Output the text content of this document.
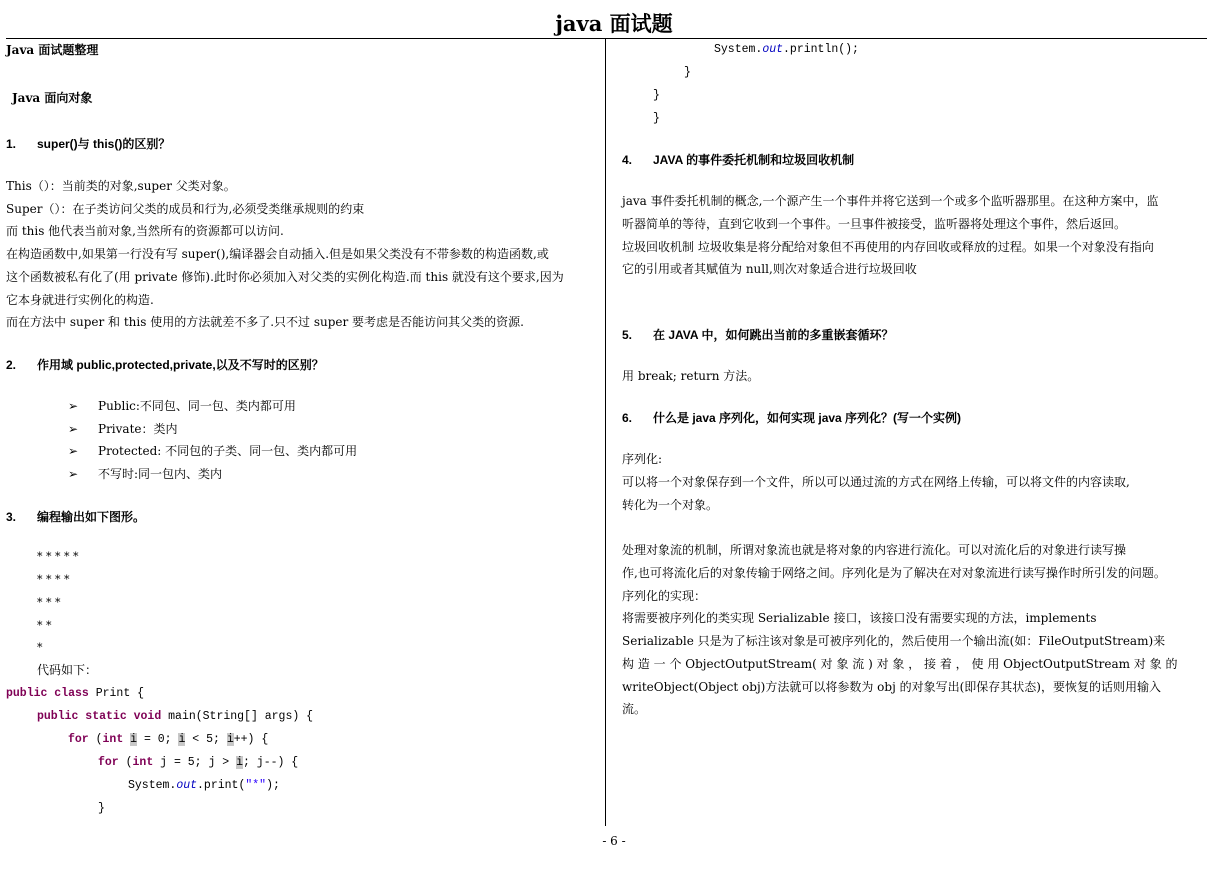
java 面试题
Java 面试题整理
Java 面向对象
1. super()与 this()的区别？
This（）：当前类的对象,super 父类对象。
Super（）：在子类访问父类的成员和行为,必须受类继承规则的约束
而 this 他代表当前对象,当然所有的资源都可以访问.
在构造函数中,如果第一行没有写 super(),编译器会自动插入.但是如果父类没有不带参数的构造函数,或
这个函数被私有化了(用 private 修饰).此时你必须加入对父类的实例化构造.而 this 就没有这个要求,因为
它本身就进行实例化的构造.
而在方法中 super 和 this 使用的方法就差不多了.只不过 super 要考虑是否能访问其父类的资源.
2. 作用域 public,protected,private,以及不写时的区别？
➢ Public:不同包、同一包、类内都可用
➢ Private：类内
➢ Protected: 不同包的子类、同一包、类内都可用
➢ 不写时:同一包内、类内
3. 编程输出如下图形。
* * * * *
* * * *
* * *
* *
*
代码如下：
public class Print {
public static void main(String[] args) {
for (int i = 0; i < 5; i++) {
for (int j = 5; j > i; j--) {
System.out.print("*");
}
System.out.println();
}
}
}
4. JAVA 的事件委托机制和垃圾回收机制
java 事件委托机制的概念,一个源产生一个事件并将它送到一个或多个监听器那里。在这种方案中，监
听器简单的等待，直到它收到一个事件。一旦事件被接受，监听器将处理这个事件，然后返回。
垃圾回收机制 垃圾收集是将分配给对象但不再使用的内存回收或释放的过程。如果一个对象没有指向
它的引用或者其赋值为 null,则次对象适合进行垃圾回收
5. 在 JAVA 中，如何跳出当前的多重嵌套循环？
用 break; return 方法。
6. 什么是 java 序列化，如何实现 java 序列化？(写一个实例)
序列化:
可以将一个对象保存到一个文件，所以可以通过流的方式在网络上传输，可以将文件的内容读取,
转化为一个对象。
处理对象流的机制，所谓对象流也就是将对象的内容进行流化。可以对流化后的对象进行读写操
作,也可将流化后的对象传输于网络之间。序列化是为了解决在对对象流进行读写操作时所引发的问题。
序列化的实现：
将需要被序列化的类实现 Serializable 接口，该接口没有需要实现的方法，implements
Serializable 只是为了标注该对象是可被序列化的，然后使用一个输出流(如：FileOutputStream)来
构 造 一 个 ObjectOutputStream( 对 象 流 ) 对 象 ， 接 着 ， 使 用 ObjectOutputStream 对 象 的
writeObject(Object obj)方法就可以将参数为 obj 的对象写出(即保存其状态)，要恢复的话则用输入
流。
- 6 -
